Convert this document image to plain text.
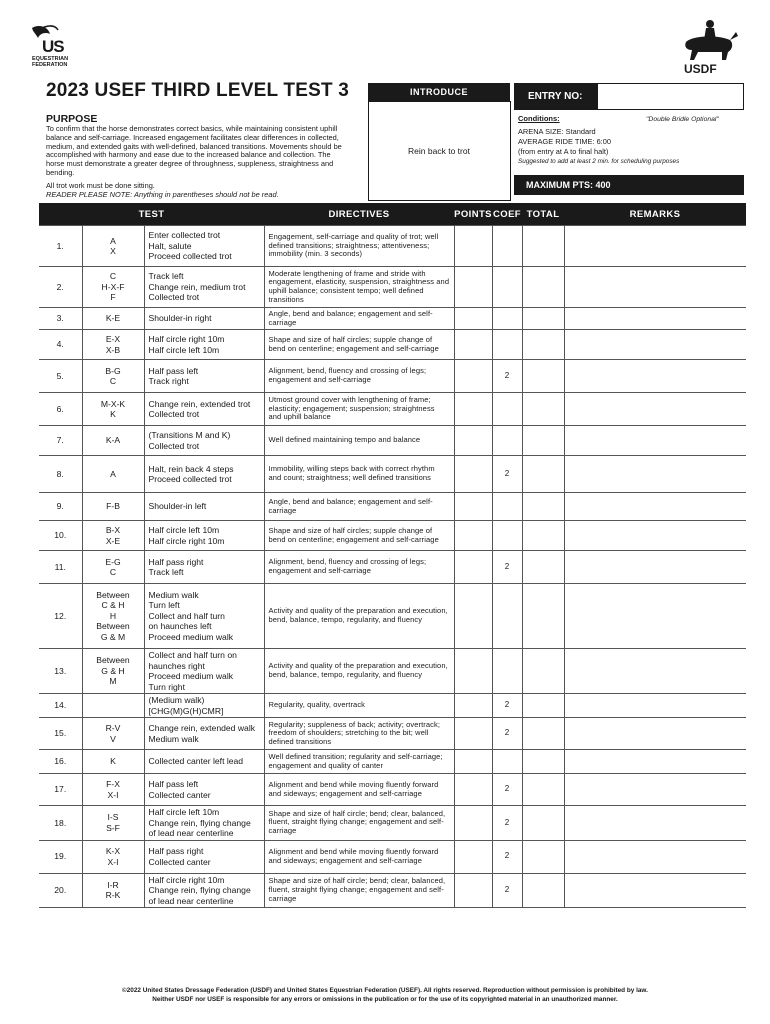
US
EQUESTRIAN
FEDERATION	USDF
2023 USEF THIRD LEVEL TEST 3
PURPOSE
To confirm that the horse demonstrates correct basics, while maintaining consistent uphill balance and self-carriage. Increased engagement facilitates clear differences in collected, medium, and extended gaits with well-defined, balanced transitions. Movements should be accomplished with harmony and ease due to the increased balance and collection. The horse must demonstrate a greater degree of throughness, suppleness, straightness and bending.
All trot work must be done sitting.
READER PLEASE NOTE: Anything in parentheses should not be read.
INTRODUCE
Rein back to trot
ENTRY NO:
Conditions:	"Double Bridle Optional"
ARENA SIZE: Standard
AVERAGE RIDE TIME: 6:00
(from entry at A to final halt)
Suggested to add at least 2 min. for scheduling purposes
MAXIMUM PTS: 400
TEST			DIRECTIVES	POINTS	COEF	TOTAL	REMARKS
1.	A
X	Enter collected trot
Halt, salute
Proceed collected trot	Engagement, self-carriage and quality of trot; well defined transitions; straightness; attentiveness; immobility (min. 3 seconds)				
2.	C
H-X-F
F	Track left
Change rein, medium trot
Collected trot	Moderate lengthening of frame and stride with engagement, elasticity, suspension, straightness and uphill balance; consistent tempo; well defined transitions				
3.	K-E	Shoulder-in right	Angle, bend and balance; engagement and self-carriage				
4.	E-X
X-B	Half circle right 10m
Half circle left 10m	Shape and size of half circles; supple change of bend on centerline; engagement and self-carriage				
5.	B-G
C	Half pass left
Track right	Alignment, bend, fluency and crossing of legs; engagement and self-carriage		2		
6.	M-X-K
K	Change rein, extended trot
Collected trot	Utmost ground cover with lengthening of frame; elasticity; engagement; suspension; straightness and uphill balance				
7.	K-A	(Transitions M and K)
Collected trot	Well defined maintaining tempo and balance				
8.	A	Halt, rein back 4 steps
Proceed collected trot	Immobility, willing steps back with correct rhythm and count; straightness; well defined transitions		2		
9.	F-B	Shoulder-in left	Angle, bend and balance; engagement and self-carriage				
10.	B-X
X-E	Half circle left 10m
Half circle right 10m	Shape and size of half circles; supple change of bend on centerline; engagement and self-carriage				
11.	E-G
C	Half pass right
Track left	Alignment, bend, fluency and crossing of legs; engagement and self-carriage		2		
12.	Between
C & H
H
Between
G & M	Medium walk
Turn left
Collect and half turn
on haunches left
Proceed medium walk	Activity and quality of the preparation and execution, bend, balance, tempo, regularity, and fluency				
13.	Between
G & H
M	Collect and half turn on
haunches right
Proceed medium walk
Turn right	Activity and quality of the preparation and execution, bend, balance, tempo, regularity, and fluency				
14.		(Medium walk)
[CHG(M)G(H)CMR]	Regularity, quality, overtrack		2		
15.	R-V
V	Change rein, extended walk
Medium walk	Regularity; suppleness of back; activity; overtrack; freedom of shoulders; stretching to the bit; well defined transitions		2		
16.	K	Collected canter left lead	Well defined transition; regularity and self-carriage; engagement and quality of canter				
17.	F-X
X-I	Half pass left
Collected canter	Alignment and bend while moving fluently forward and sideways; engagement and self-carriage		2		
18.	I-S
S-F	Half circle left 10m
Change rein, flying change
of lead near centerline	Shape and size of half circle; bend; clear, balanced, fluent, straight flying change; engagement and self-carriage		2		
19.	K-X
X-I	Half pass right
Collected canter	Alignment and bend while moving fluently forward and sideways; engagement and self-carriage		2		
20.	I-R
R-K	Half circle right 10m
Change rein, flying change
of lead near centerline	Shape and size of half circle; bend; clear, balanced, fluent, straight flying change; engagement and self-carriage		2		
©2022 United States Dressage Federation (USDF) and United States Equestrian Federation (USEF). All rights reserved. Reproduction without permission is prohibited by law.
Neither USDF nor USEF is responsible for any errors or omissions in the publication or for the use of its copyrighted material in an unauthorized manner.
